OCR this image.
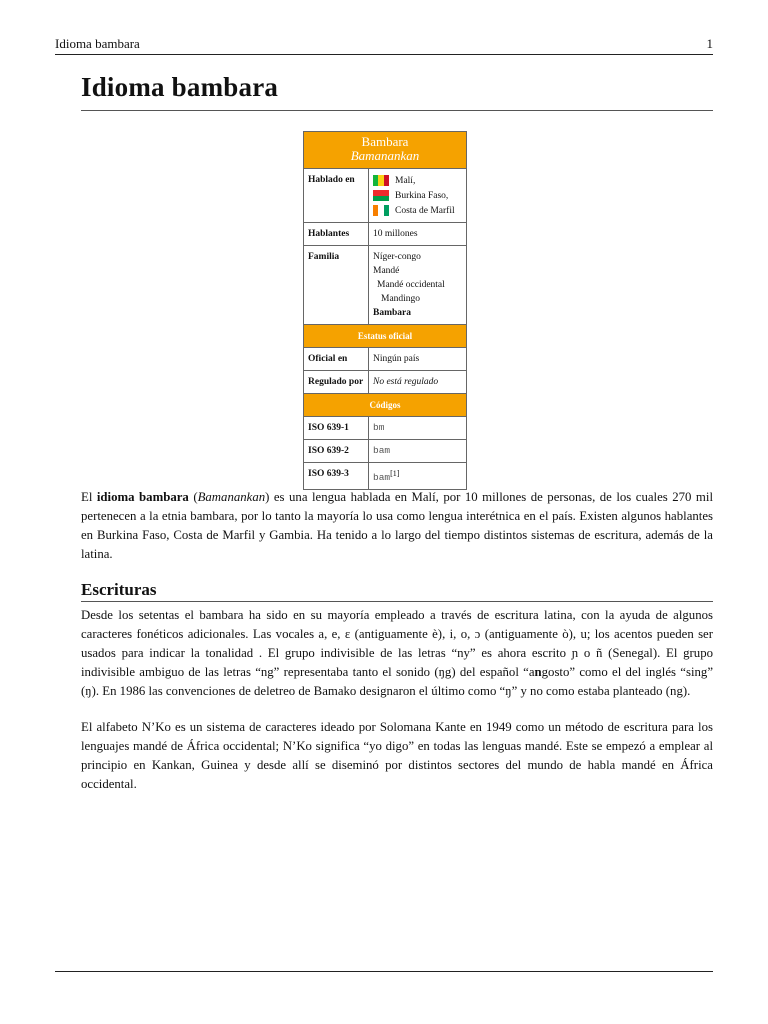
Idioma bambara	1
Idioma bambara
Bambara
Bamanankan
Hablado en	Malí,
Burkina Faso,
Costa de Marfil
Hablantes	10 millones
Familia	Níger-congo
Mandé
Mandé occidental
Mandingo
Bambara
Estatus oficial
Oficial en	Ningún país
Regulado por	No está regulado
Códigos
ISO 639-1	bm
ISO 639-2	bam
ISO 639-3	bam[1]

El idioma bambara (Bamanankan) es una lengua hablada en Malí, por 10 millones de personas, de los cuales 270 mil pertenecen a la etnia bambara, por lo tanto la mayoría lo usa como lengua interétnica en el país. Existen algunos hablantes en Burkina Faso, Costa de Marfil y Gambia. Ha tenido a lo largo del tiempo distintos sistemas de escritura, además de la latina.

Escrituras

Desde los setentas el bambara ha sido en su mayoría empleado a través de escritura latina, con la ayuda de algunos caracteres fonéticos adicionales. Las vocales a, e, ɛ (antiguamente è), i, o, ɔ (antiguamente ò), u; los acentos pueden ser usados para indicar la tonalidad . El grupo indivisible de las letras “ny” es ahora escrito ɲ o ñ (Senegal). El grupo indivisible ambiguo de las letras “ng” representaba tanto el sonido (ŋg) del español “angosto” como el del inglés “sing” (ŋ). En 1986 las convenciones de deletreo de Bamako designaron el último como “ŋ” y no como estaba planteado (ng).

El alfabeto N’Ko es un sistema de caracteres ideado por Solomana Kante en 1949 como un método de escritura para los lenguajes mandé de África occidental; N’Ko significa “yo digo” en todas las lenguas mandé. Este se empezó a emplear al principio en Kankan, Guinea y desde allí se diseminó por distintos sectores del mundo de habla mandé en África occidental.
